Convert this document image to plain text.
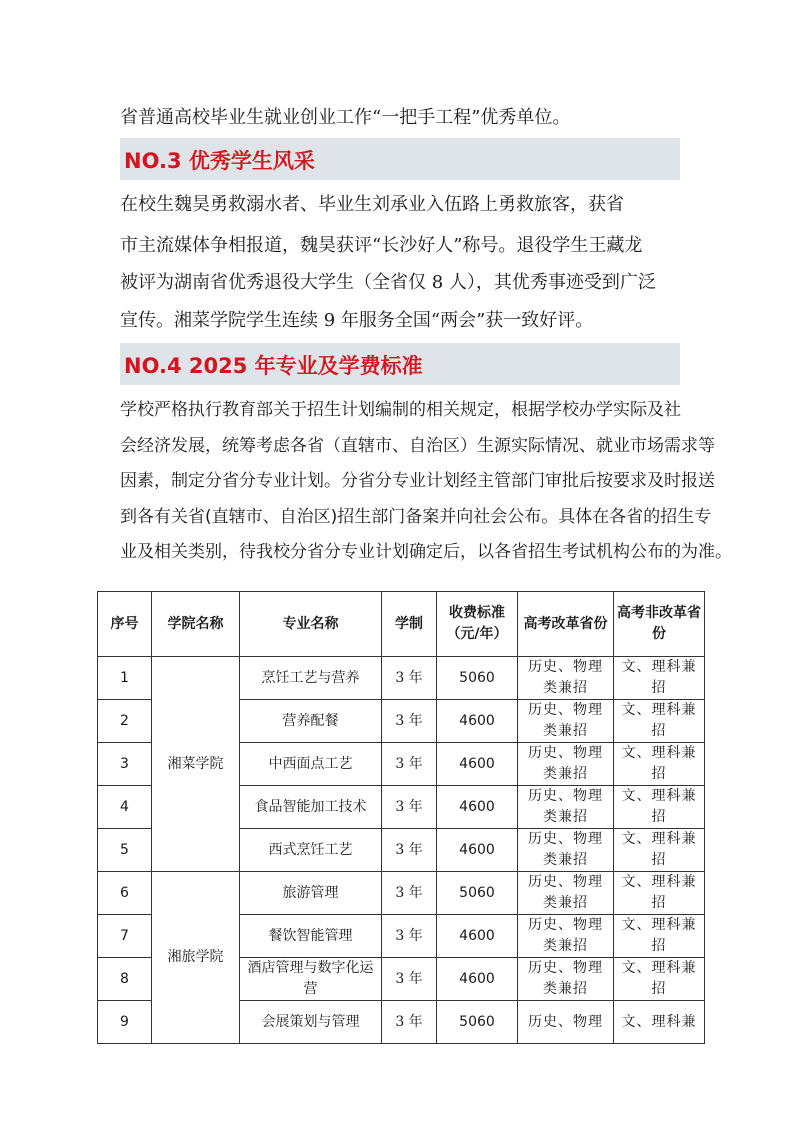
省普通高校毕业生就业创业工作“一把手工程”优秀单位。
NO.3 优秀学生风采
在校生魏昊勇救溺水者、毕业生刘承业入伍路上勇救旅客，获省
市主流媒体争相报道，魏昊获评“长沙好人”称号。退役学生王藏龙
被评为湖南省优秀退役大学生（全省仅 8 人），其优秀事迹受到广泛
宣传。湘菜学院学生连续 9 年服务全国“两会”获一致好评。
NO.4 2025 年专业及学费标准
学校严格执行教育部关于招生计划编制的相关规定，根据学校办学实际及社
会经济发展，统筹考虑各省（直辖市、自治区）生源实际情况、就业市场需求等
因素，制定分省分专业计划。分省分专业计划经主管部门审批后按要求及时报送
到各有关省(直辖市、自治区)招生部门备案并向社会公布。具体在各省的招生专
业及相关类别，待我校分省分专业计划确定后，以各省招生考试机构公布的为准。
序号	学院名称	专业名称	学制	收费标准（元/年）	高考改革省份	高考非改革省份
1	湘菜学院	烹饪工艺与营养	3 年	5060	历史、物理类兼招	文、理科兼招
2		营养配餐	3 年	4600	历史、物理类兼招	文、理科兼招
3		中西面点工艺	3 年	4600	历史、物理类兼招	文、理科兼招
4		食品智能加工技术	3 年	4600	历史、物理类兼招	文、理科兼招
5		西式烹饪工艺	3 年	4600	历史、物理类兼招	文、理科兼招
6	湘旅学院	旅游管理	3 年	5060	历史、物理类兼招	文、理科兼招
7		餐饮智能管理	3 年	4600	历史、物理类兼招	文、理科兼招
8		酒店管理与数字化运营	3 年	4600	历史、物理类兼招	文、理科兼招
9		会展策划与管理	3 年	5060	历史、物理	文、理科兼
